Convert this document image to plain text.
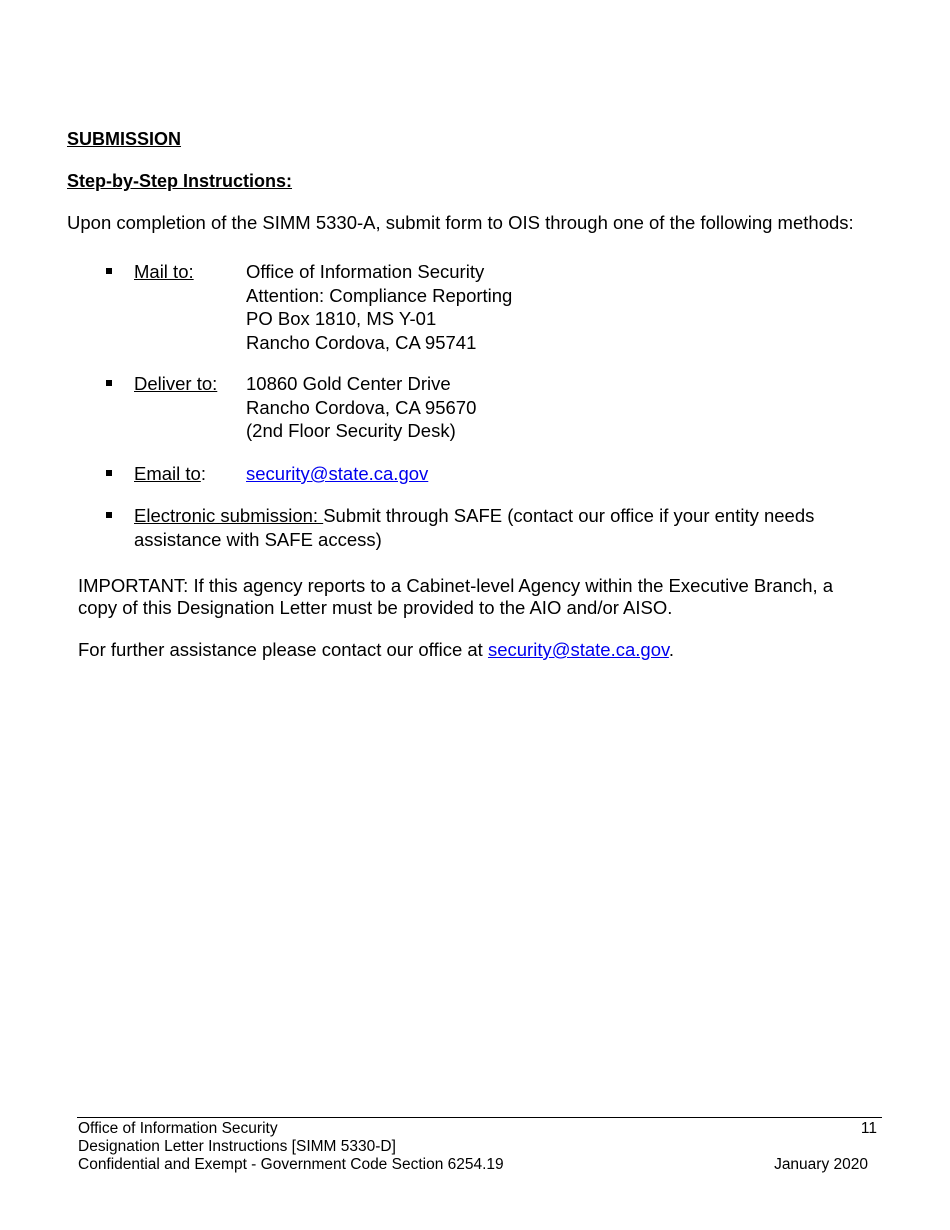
SUBMISSION
Step-by-Step Instructions:
Upon completion of the SIMM 5330-A, submit form to OIS through one of the following methods:
Mail to:	Office of Information Security
Attention: Compliance Reporting
PO Box 1810, MS Y-01
Rancho Cordova, CA 95741
Deliver to: 10860 Gold Center Drive
Rancho Cordova, CA 95670
(2nd Floor Security Desk)
Email to: security@state.ca.gov
Electronic submission: Submit through SAFE (contact our office if your entity needs
assistance with SAFE access)
IMPORTANT: If this agency reports to a Cabinet-level Agency within the Executive Branch, a
copy of this Designation Letter must be provided to the AIO and/or AISO.
For further assistance please contact our office at security@state.ca.gov.
Office of Information Security
Designation Letter Instructions [SIMM 5330-D]
Confidential and Exempt - Government Code Section 6254.19
11
January 2020
